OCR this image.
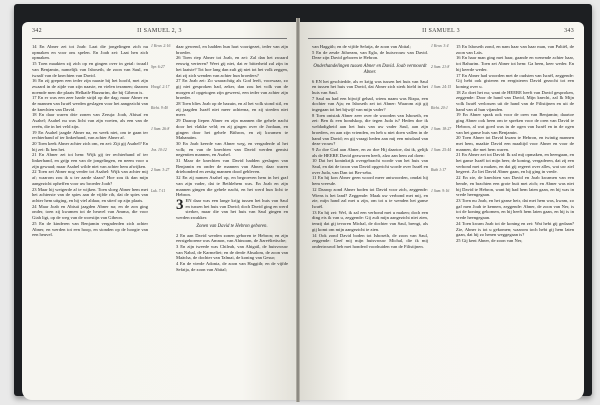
342	II SAMUEL 2, 3

14 En Abner zei tot Joab: Laat die jongelingen zich nu opmaken en voor ons spelen. En Joab zei: Laat hen zich opmaken.

15 Toen maakten zij zich op en gingen over in getal: twaalf van Benjamin, namelijk van Isboseth, de zoon van Saul, en twaalf van de knechten van David.

16 En zij grepen een ieder zijn naaste bij het hoofd, met zijn zwaard in de zijde van zijn naaste, en vielen tezamen; daarom noemde men die plaats Helkath-Hazzurim, die bij Gibeon is.

17 En er was een zeer harde strijd op die dag; maar Abner en de mannen van Israël werden geslagen voor het aangezicht van de knechten van David.

18 En daar waren drie zonen van Zeruja: Joab, Abisaï en Asahel; Asahel nu was licht van zijn voeten, als een van de reeën, die in het veld zijn.

19 En Asahel jaagde Abner na, en week niet, om te gaan ter rechterhand of ter linkerhand, van achter Abner af.

20 Toen keek Abner achter zich om, en zei: Zijt gij Asahel? En hij zei: Ik ben het.

21 En Abner zei tot hem: Wijk gij ter rechterhand of ter linkerhand, en grijp een van de jongelingen, en neem voor u zijn gewaad; maar Asahel wilde niet van achter hem afwijken.

22 Toen zei Abner nog verder tot Asahel: Wijk van achter mij af; waarom zou ik u ter aarde slaan? Hoe zou ik dan mijn aangezicht opheffen voor uw broeder Joab?

23 Maar hij weigerde af te wijken. Toen sloeg Abner hem met het achterste van de spies aan de vijfde rib, dat de spies van achter hem uitging, en hij viel aldaar, en stierf op zijn plaats.

24 Maar Joab en Abisaï jaagden Abner na; en de zon ging onder, toen zij kwamen tot de heuvel van Amma, die voor Giah ligt, op de weg van de woestijn van Gibeon.

25 En de kinderen van Benjamin vergaderden zich achter Abner, en werden tot een hoop, en stonden op de hoogte van een heuvel.

1 Kron. 2:16
Spr. 6:27
Hoogl. 2:17
Richt. 9:40
1 Sam. 26:8
Joz. 10:12
2 Sam. 3:27
Luk. 7:11

daar gewend, en hadden hun hart voortgezet, ieder van zijn broeder.

26 Toen riep Abner tot Joab, en zei: Zal dan het zwaard eeuwig verteren? Weet gij niet, dat er bitterheid zal zijn in het laatste? Tot hoe lang dan zult gij niet tot het volk zeggen, dat zij zich wenden van achter hun broeders?

27 En Joab zei: Zo waarachtig als God leeft, voorwaar, zo gij niet gesproken had, zeker, dan zou het volk van de morgen af opgetogen zijn geweest, een ieder van achter zijn broeder.

28 Toen blies Joab op de bazuin, en al het volk stond stil, en zij jaagden Israël niet meer achterna, en zij streden niet meer.

29 Daarop liepen Abner en zijn mannen die gehele nacht door het vlakke veld; en zij gingen over de Jordaan, en gingen door het gehele Bithron, en zij kwamen te Mahanaïm.

30 En Joab keerde van Abner weg, en vergaderde al het volk; en van de knechten van David werden gemist negentien mannen, en Asahel.

31 Maar de knechten van David hadden geslagen van Benjamin en onder de mannen van Abner; daar waren driehonderd en zestig mannen dood gebleven.

32 En zij namen Asahel op, en begroeven hem in het graf van zijn vader, dat te Bethlehem was. En Joab en zijn mannen gingen die gehele nacht, en het werd hun licht te Hebron.

3 EN daar was een lange krijg tussen het huis van Saul en tussen het huis van David; doch David ging en werd sterker, maar die van het huis van Saul gingen en werden zwakker.

Zonen van David te Hebron geboren.

2 En aan David werden zonen geboren te Hebron; en zijn eerstgeborene was Amnon, van Ahinoam, de Jizreëlietische;

3 En zijn tweede was Chileab, van Abigaïl, de huisvrouw van Nabal, de Karmeliet; en de derde Absalom, de zoon van Maächa, de dochter van Talmai, de koning van Gesur;

4 En de vierde Adonia, de zoon van Haggith; en de vijfde Sefatja, de zoon van Abital;

II SAMUEL 3	343

van Haggith; en de vijfde Sefatja, de zoon van Abital;

5 En de zesde Jithream, van Egla, de huisvrouw van David. Deze zijn David geboren te Hebron.

Onderhandelingen tussen Abner en David. Joab vermoordt Abner.

6 EN het geschiedde, als er krijg was tussen het huis van Saul en tussen het huis van David, dat Abner zich sterk hield in het huis van Saul.

7 Saul nu had een bijwijf gehad, wiens naam was Rizpa, een dochter van Aja; en Isboseth zei tot Abner: Waarom zijt gij ingegaan tot het bijwijf van mijn vader?

8 Toen ontstak Abner zeer over de woorden van Isboseth, en zei: Ben ik een hondskop, die tegen Juda is? Heden doe ik weldadigheid aan het huis van uw vader Saul, aan zijn broeders, en aan zijn vrienden, en heb u niet doen vallen in de hand van David; en gij vraagt heden aan mij een misdaad van deze vrouw?

9 Zo doe God aan Abner, en zo doe Hij daartoe, dat ik, gelijk als de HEERE David gezworen heeft, alzo aan hem zal doen:

10 Dat het koninkrijk overgebracht worde van het huis van Saul, en dat de troon van David opgericht worde over Israël en over Juda, van Dan tot Ber-seba.

11 En hij kon Abner geen woord meer antwoorden, omdat hij hem vreesde.

12 Daarop zond Abner boden tot David voor zich, zeggende: Wiens is het land? Zeggende: Maak uw verbond met mij, en zie, mijn hand zal met u zijn, om tot u te wenden het ganse Israël.

13 En hij zei: Wel, ik zal een verbond met u maken; doch een ding eis ik van u, zeggende: Gij zult mijn aangezicht niet zien, tenzij dat gij tevoren Michal, de dochter van Saul, brengt, als gij komt om mijn aangezicht te zien.

14 Ook zond David boden tot Isboseth, de zoon van Saul, zeggende: Geef mij mijn huisvrouw Michal, die ik mij ondertrouwd heb met honderd voorhuiden van de Filistijnen.

1 Kron. 3:4
2 Sam. 21:8
1 Sam. 24:15
Richt. 20:1
1 Sam. 18:27
1 Sam. 25:44
Ruth 1:17
1 Sam. 9:16

15 En Isboseth zond, en nam haar van haar man, van Paltiël, de zoon van Laïs.

16 En haar man ging met haar, gaande en wenende achter haar, tot Bahurim. Toen zei Abner tot hem: Ga heen, keer weder. En hij keerde weder.

17 En Abner had woorden met de oudsten van Israël, zeggende: Gij hebt ook gisteren en eergisteren David gezocht tot een koning over u.

18 Zo doet het nu; want de HEERE heeft van David gesproken, zeggende: Door de hand van David, Mijn knecht, zal Ik Mijn volk Israël verlossen uit de hand van de Filistijnen en uit de hand van al hun vijanden.

19 En Abner sprak ook voor de oren van Benjamin; daartoe ging Abner ook heen om te spreken voor de oren van David te Hebron, al wat goed was in de ogen van Israël en in de ogen van het ganse huis van Benjamin.

20 Toen Abner tot David kwam te Hebron, en twintig mannen met hem, maakte David een maaltijd voor Abner en voor de mannen, die met hem waren.

21 En Abner zei tot David: Ik zal mij opmaken, en heengaan, en het ganse Israël tot mijn heer, de koning, vergaderen, dat zij een verbond met u maken, en dat gij regeert over alles, wat uw ziel begeert. Zo liet David Abner gaan, en hij ging in vrede.

22 En zie, de knechten van David en Joab kwamen van een bende, en brachten een grote buit met zich; en Abner was niet bij David te Hebron, want hij had hem laten gaan, en hij was in vrede heengegaan.

23 Toen nu Joab, en het ganse heir, dat met hem was, kwam, zo gaf men Joab te kennen, zeggende: Abner, de zoon van Ner, is tot de koning gekomen, en hij heeft hem laten gaan, en hij is in vrede heengegaan.

24 Toen kwam Joab tot de koning en zei: Wat hebt gij gedaan? Zie, Abner is tot u gekomen; waarom toch hebt gij hem laten gaan, dat hij zo henen weggegaan is?

25 Gij kent Abner, de zoon van Ner,
